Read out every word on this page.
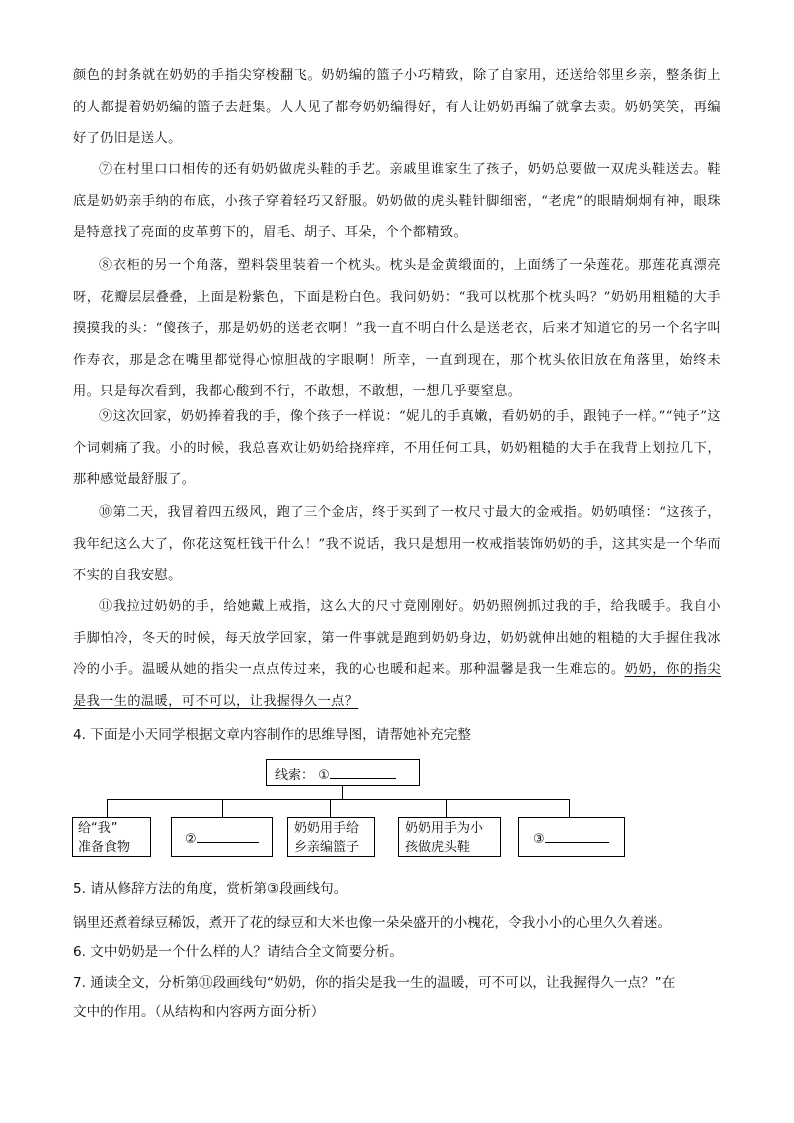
颜色的封条就在奶奶的手指尖穿梭翻飞。奶奶编的篮子小巧精致，除了自家用，还送给邻里乡亲，整条街上的人都提着奶奶编的篮子去赶集。人人见了都夸奶奶编得好，有人让奶奶再编了就拿去卖。奶奶笑笑，再编好了仍旧是送人。

⑦在村里口口相传的还有奶奶做虎头鞋的手艺。亲戚里谁家生了孩子，奶奶总要做一双虎头鞋送去。鞋底是奶奶亲手纳的布底，小孩子穿着轻巧又舒服。奶奶做的虎头鞋针脚细密，“老虎”的眼睛炯炯有神，眼珠是特意找了亮面的皮革剪下的，眉毛、胡子、耳朵，个个都精致。

⑧衣柜的另一个角落，塑料袋里装着一个枕头。枕头是金黄缎面的，上面绣了一朵莲花。那莲花真漂亮呀，花瓣层层叠叠，上面是粉紫色，下面是粉白色。我问奶奶：“我可以枕那个枕头吗？”奶奶用粗糙的大手摸摸我的头：“傻孩子，那是奶奶的送老衣啊！”我一直不明白什么是送老衣，后来才知道它的另一个名字叫作寿衣，那是念在嘴里都觉得心惊胆战的字眼啊！所幸，一直到现在，那个枕头依旧放在角落里，始终未用。只是每次看到，我都心酸到不行，不敢想，不敢想，一想几乎要窒息。

⑨这次回家，奶奶捧着我的手，像个孩子一样说：“妮儿的手真嫩，看奶奶的手，跟钝子一样。”“钝子”这个词刺痛了我。小的时候，我总喜欢让奶奶给挠痒痒，不用任何工具，奶奶粗糙的大手在我背上划拉几下，那种感觉最舒服了。

⑩第二天，我冒着四五级风，跑了三个金店，终于买到了一枚尺寸最大的金戒指。奶奶嗔怪：“这孩子，我年纪这么大了，你花这冤枉钱干什么！”我不说话，我只是想用一枚戒指装饰奶奶的手，这其实是一个华而不实的自我安慰。

⑪我拉过奶奶的手，给她戴上戒指，这么大的尺寸竟刚刚好。奶奶照例抓过我的手，给我暖手。我自小手脚怕冷，冬天的时候，每天放学回家，第一件事就是跑到奶奶身边，奶奶就伸出她的粗糙的大手握住我冰冷的小手。温暖从她的指尖一点点传过来，我的心也暖和起来。那种温馨是我一生难忘的。奶奶，你的指尖是我一生的温暖，可不可以，让我握得久一点？

4. 下面是小天同学根据文章内容制作的思维导图，请帮她补充完整

线索： ①
给“我”
准备食物
②
奶奶用手给
乡亲编篮子
奶奶用手为小
孩做虎头鞋
③

5. 请从修辞方法的角度，赏析第③段画线句。

锅里还煮着绿豆稀饭，煮开了花的绿豆和大米也像一朵朵盛开的小槐花，令我小小的心里久久着迷。

6. 文中奶奶是一个什么样的人？请结合全文简要分析。

7. 通读全文，分析第⑪段画线句“奶奶，你的指尖是我一生的温暖，可不可以，让我握得久一点？”在

文中的作用。（从结构和内容两方面分析）
